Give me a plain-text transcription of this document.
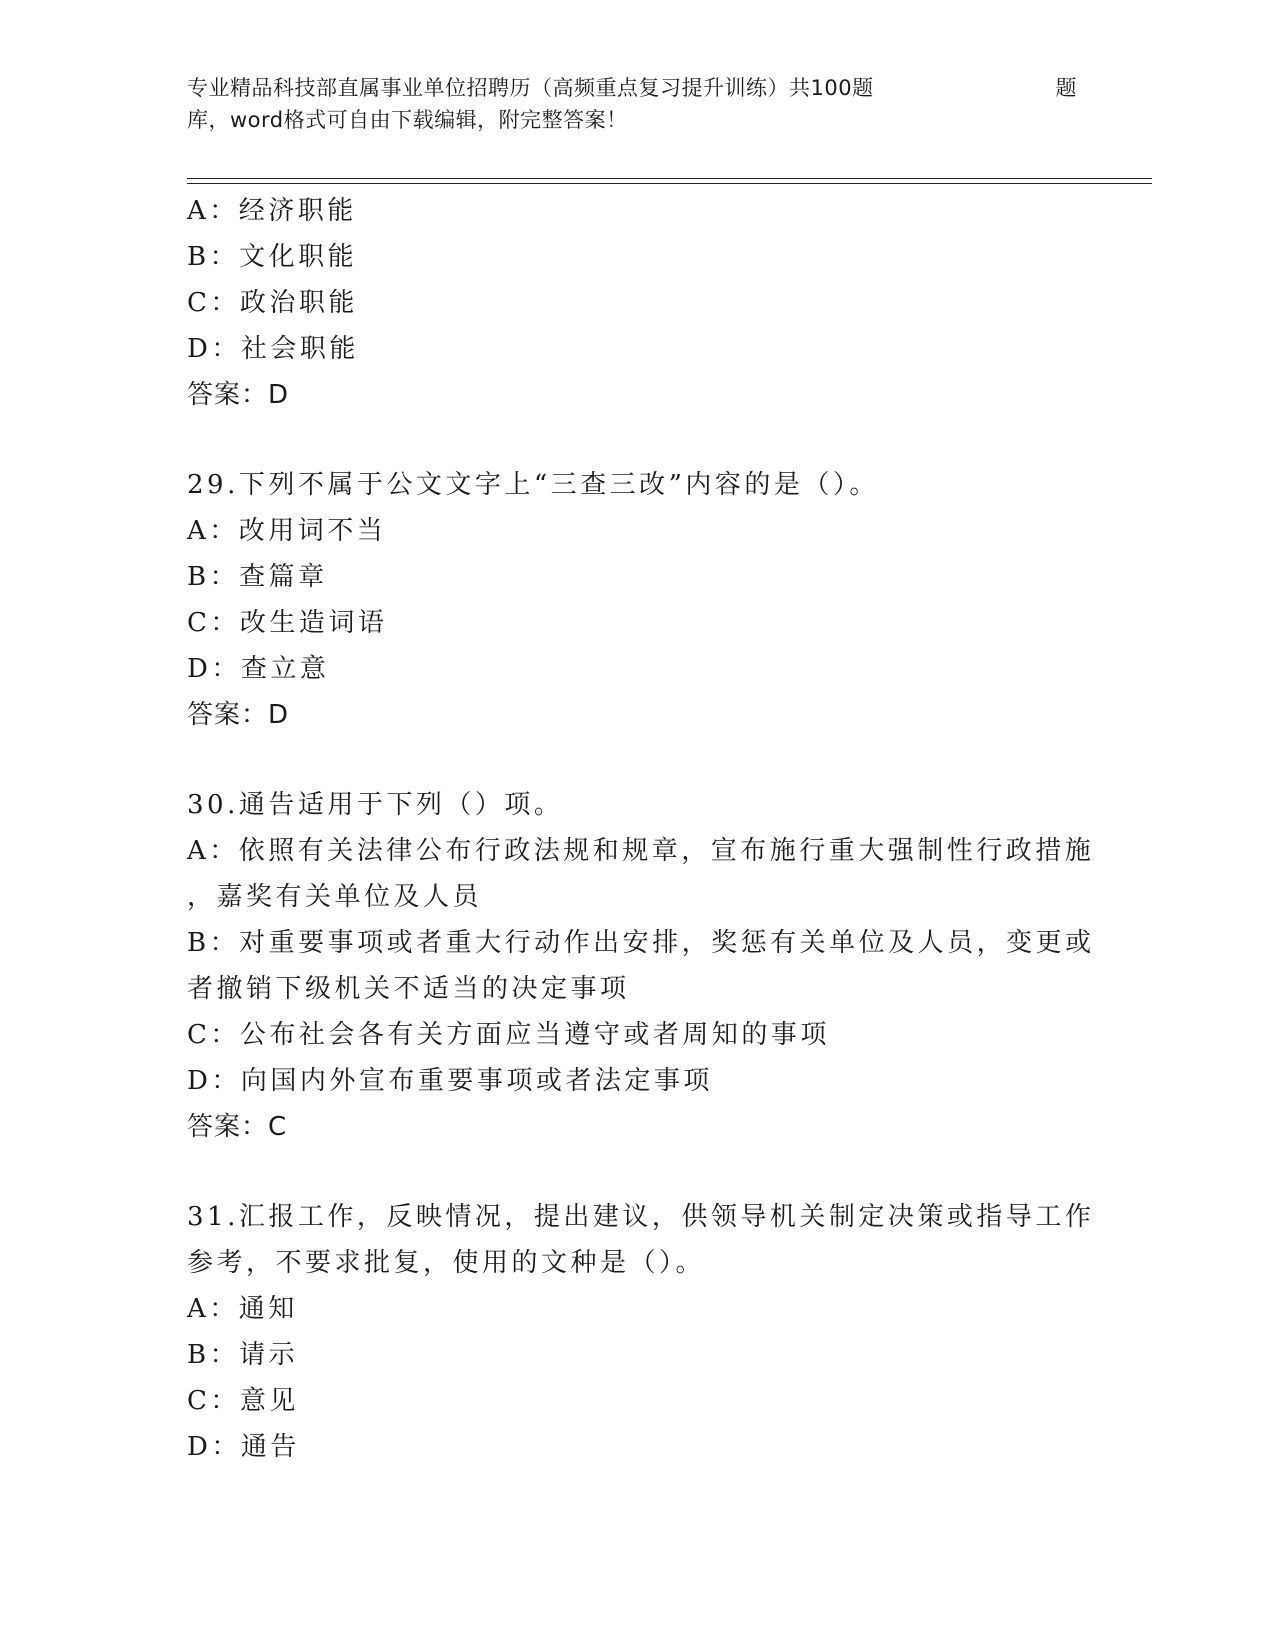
专业精品科技部直属事业单位招聘历（高频重点复习提升训练）共100题	题
库，word格式可自由下载编辑，附完整答案！
A：经济职能
B：文化职能
C：政治职能
D：社会职能
答案：D
29.下列不属于公文文字上“三查三改”内容的是（）。
A：改用词不当
B：查篇章
C：改生造词语
D：查立意
答案：D
30.通告适用于下列（）项。
A：依照有关法律公布行政法规和规章，宣布施行重大强制性行政措施
，嘉奖有关单位及人员
B：对重要事项或者重大行动作出安排，奖惩有关单位及人员，变更或
者撤销下级机关不适当的决定事项
C：公布社会各有关方面应当遵守或者周知的事项
D：向国内外宣布重要事项或者法定事项
答案：C
31.汇报工作，反映情况，提出建议，供领导机关制定决策或指导工作
参考，不要求批复，使用的文种是（）。
A：通知
B：请示
C：意见
D：通告
